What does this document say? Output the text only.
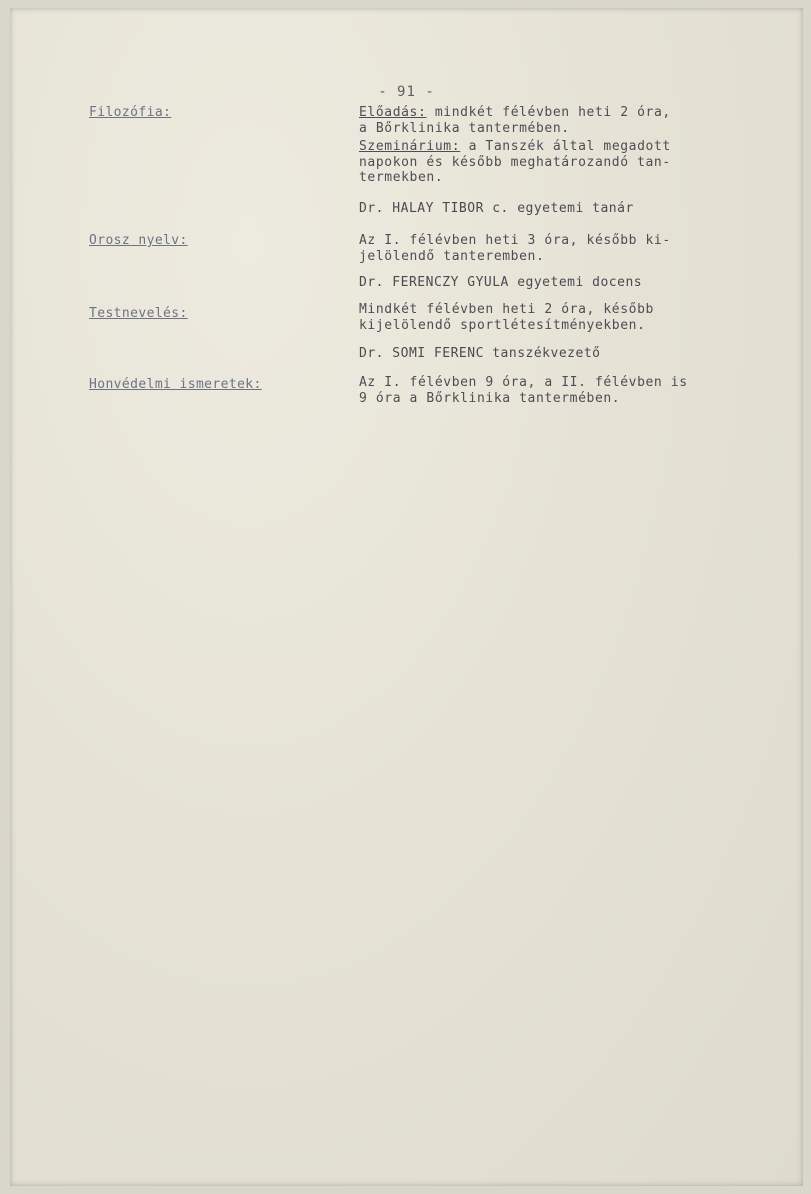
- 91 -
Filozófia:	Előadás: mindkét félévben heti 2 óra,
a Bőrklinika tantermében.
Szeminárium: a Tanszék által megadott
napokon és később meghatározandó tan-
termekben.
Dr. HALAY TIBOR c. egyetemi tanár
Orosz nyelv:	Az I. félévben heti 3 óra, később ki-
jelölendő tanteremben.
Dr. FERENCZY GYULA egyetemi docens
Testnevelés:	Mindkét félévben heti 2 óra, később
kijelölendő sportlétesítményekben.
Dr. SOMI FERENC tanszékvezető
Honvédelmi ismeretek:	Az I. félévben 9 óra, a II. félévben is
9 óra a Bőrklinika tantermében.
